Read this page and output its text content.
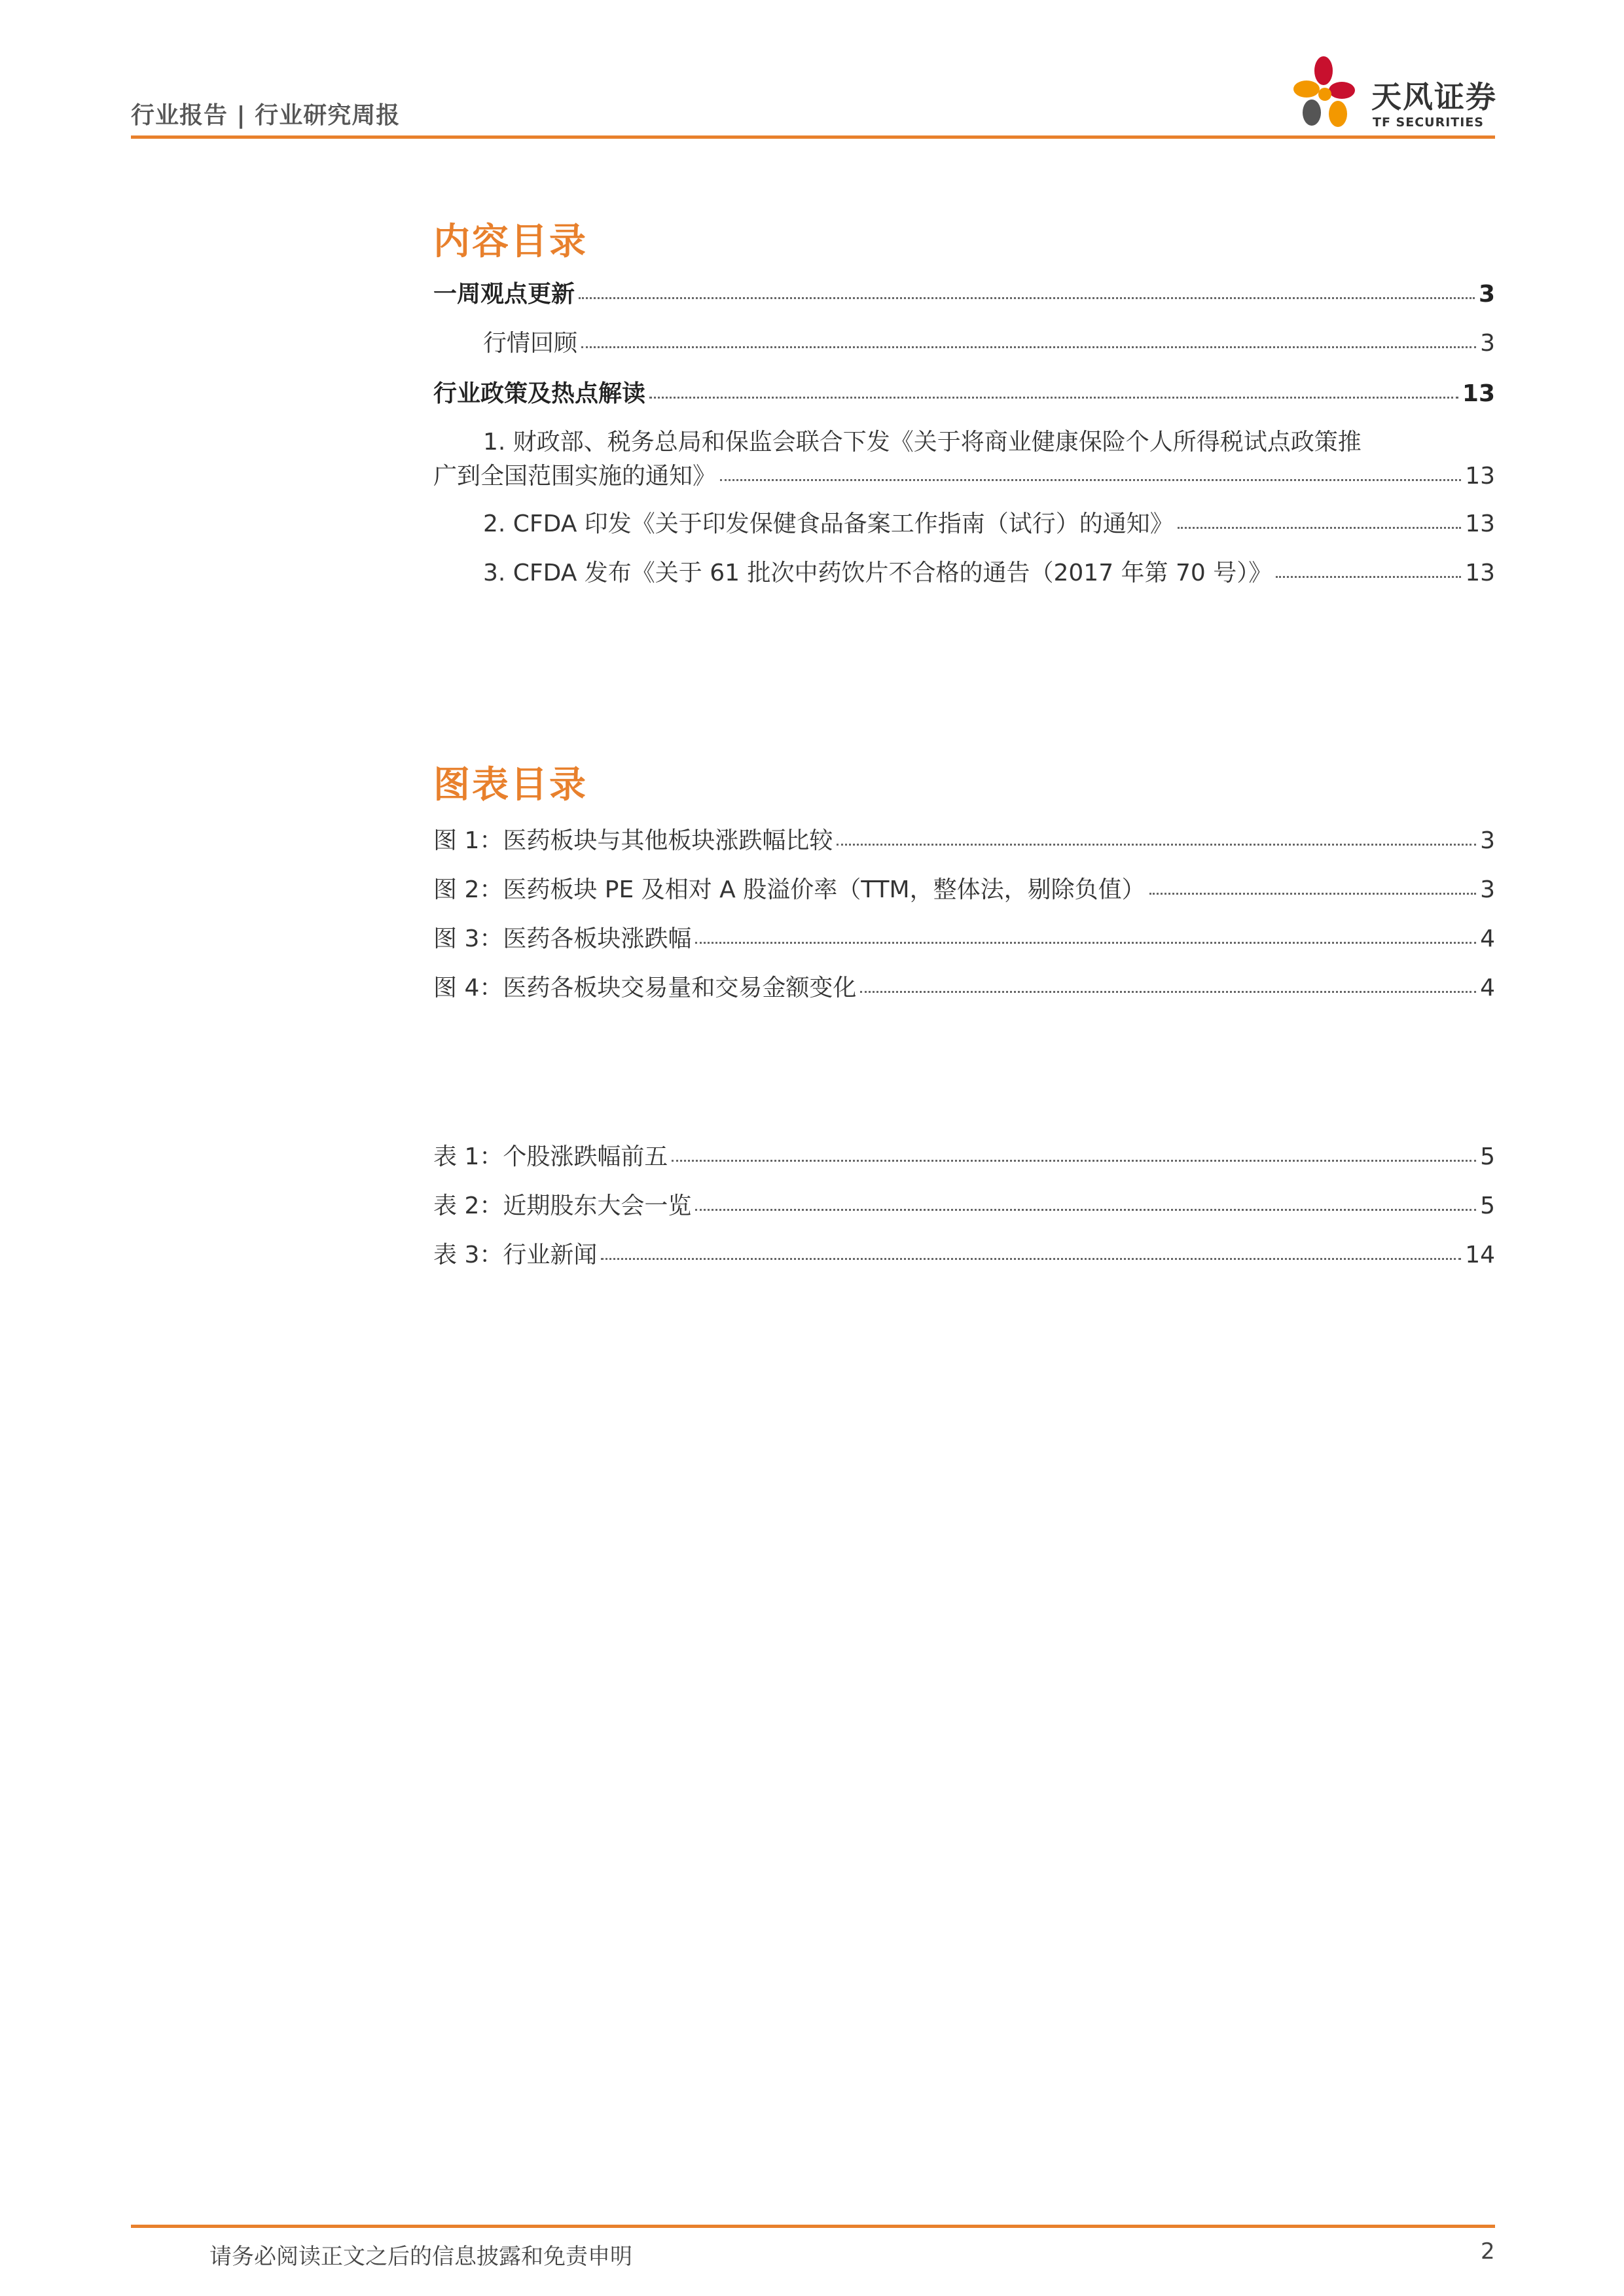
行业报告 | 行业研究周报
天风证券
TF SECURITIES
内容目录
一周观点更新	3
行情回顾	3
行业政策及热点解读	13
1. 财政部、税务总局和保监会联合下发《关于将商业健康保险个人所得税试点政策推
广到全国范围实施的通知》	13
2. CFDA 印发《关于印发保健食品备案工作指南（试行）的通知》	13
3. CFDA 发布《关于 61 批次中药饮片不合格的通告（2017 年第 70 号）》	13
图表目录
图 1：医药板块与其他板块涨跌幅比较	3
图 2：医药板块 PE 及相对 A 股溢价率（TTM，整体法，剔除负值）	3
图 3：医药各板块涨跌幅	4
图 4：医药各板块交易量和交易金额变化	4
表 1：个股涨跌幅前五	5
表 2：近期股东大会一览	5
表 3：行业新闻	14
请务必阅读正文之后的信息披露和免责申明	2
